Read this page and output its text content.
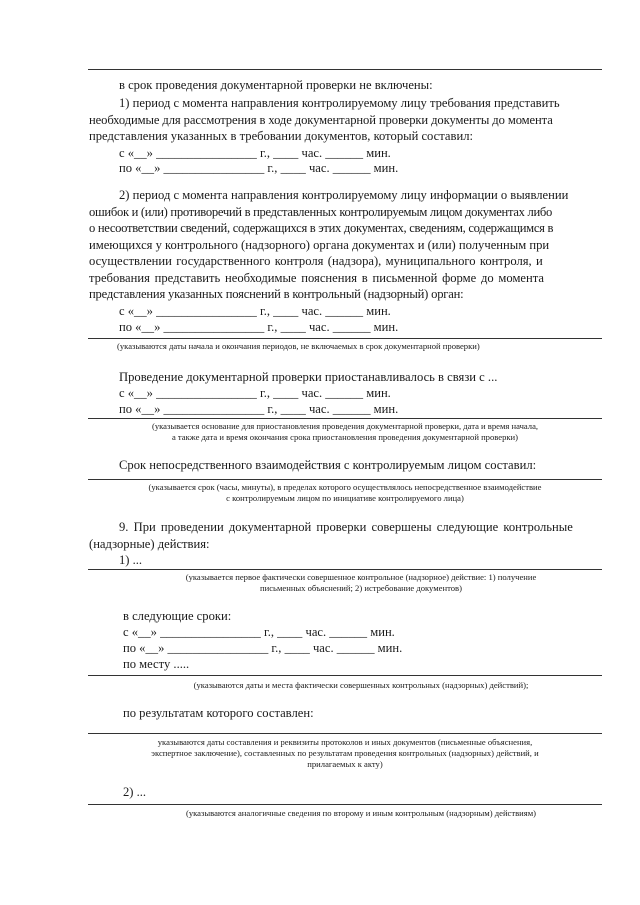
в срок проведения документарной проверки не включены:
1) период с момента направления контролируемому лицу требования представить
необходимые для рассмотрения в ходе документарной проверки документы до момента
представления указанных в требовании документов, который составил:
с «__» ________________ г., ____ час. ______ мин.
по «__» ________________ г., ____ час. ______ мин.
2) период с момента направления контролируемому лицу информации о выявлении
ошибок и (или) противоречий в представленных контролируемым лицом документах либо
о несоответствии сведений, содержащихся в этих документах, сведениям, содержащимся в
имеющихся у контрольного (надзорного) органа документах и (или) полученным при
осуществлении государственного контроля (надзора), муниципального контроля, и
требования представить необходимые пояснения в письменной форме до момента
представления указанных пояснений в контрольный (надзорный) орган:
с «__» ________________ г., ____ час. ______ мин.
по «__» ________________ г., ____ час. ______ мин.
(указываются даты начала и окончания периодов, не включаемых в срок документарной проверки)
Проведение документарной проверки приостанавливалось в связи с ...
с «__» ________________ г., ____ час. ______ мин.
по «__» ________________ г., ____ час. ______ мин.
(указывается основание для приостановления проведения документарной проверки, дата и время начала,
а также дата и время окончания срока приостановления проведения документарной проверки)
Срок непосредственного взаимодействия с контролируемым лицом составил:
(указывается срок (часы, минуты), в пределах которого осуществлялось непосредственное взаимодействие
с контролируемым лицом по инициативе контролируемого лица)
9. При проведении документарной проверки совершены следующие контрольные
(надзорные) действия:
1) ...
(указывается первое фактически совершенное контрольное (надзорное) действие: 1) получение
письменных объяснений; 2) истребование документов)
в следующие сроки:
с «__» ________________ г., ____ час. ______ мин.
по «__» ________________ г., ____ час. ______ мин.
по месту .....
(указываются даты и места фактически совершенных контрольных (надзорных) действий);
по результатам которого составлен:
указываются даты составления и реквизиты протоколов и иных документов (письменные объяснения,
экспертное заключение), составленных по результатам проведения контрольных (надзорных) действий, и
прилагаемых к акту)
2) ...
(указываются аналогичные сведения по второму и иным контрольным (надзорным) действиям)
